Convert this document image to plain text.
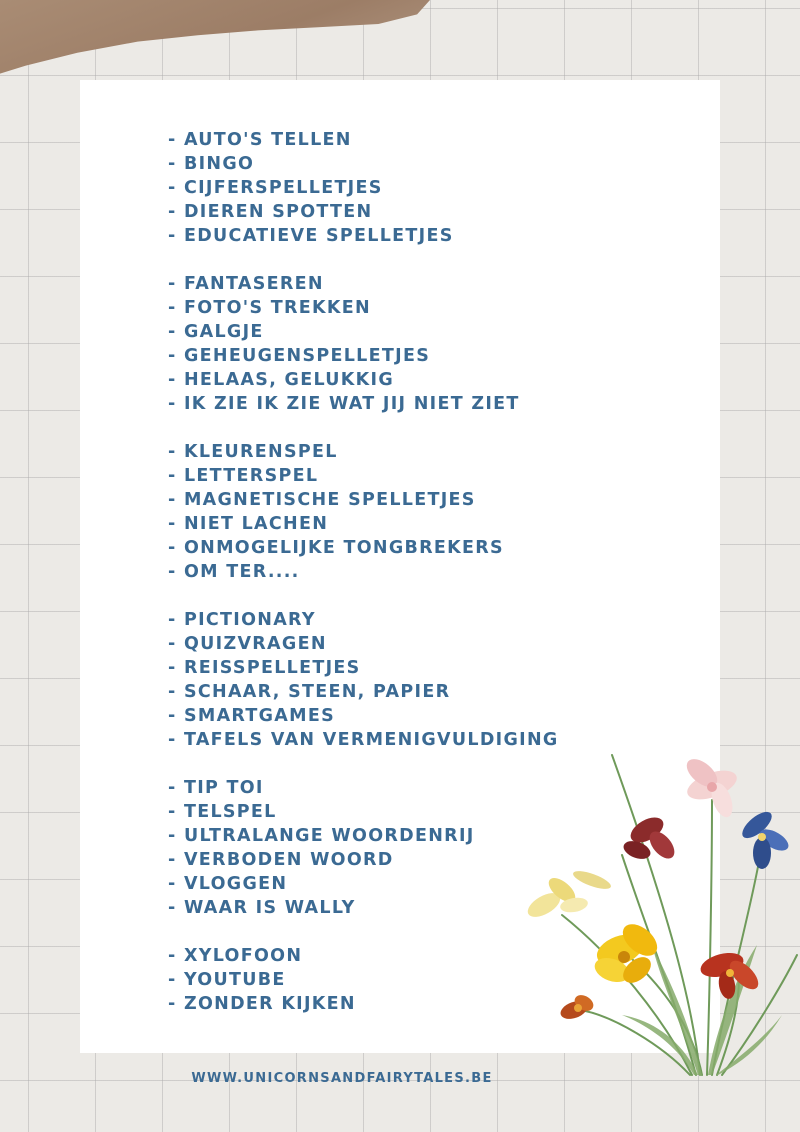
- AUTO'S TELLEN
- BINGO
- CIJFERSPELLETJES
- DIEREN SPOTTEN
- EDUCATIEVE SPELLETJES
- FANTASEREN
- FOTO'S TREKKEN
- GALGJE
- GEHEUGENSPELLETJES
- HELAAS, GELUKKIG
- IK ZIE IK ZIE WAT JIJ NIET ZIET
- KLEURENSPEL
- LETTERSPEL
- MAGNETISCHE SPELLETJES
- NIET LACHEN
- ONMOGELIJKE TONGBREKERS
- OM TER....
- PICTIONARY
- QUIZVRAGEN
- REISSPELLETJES
- SCHAAR, STEEN, PAPIER
- SMARTGAMES
- TAFELS VAN VERMENIGVULDIGING
- TIP TOI
- TELSPEL
- ULTRALANGE WOORDENRIJ
- VERBODEN WOORD
- VLOGGEN
- WAAR IS WALLY
- XYLOFOON
- YOUTUBE
- ZONDER KIJKEN
WWW.UNICORNSANDFAIRYTALES.BE
